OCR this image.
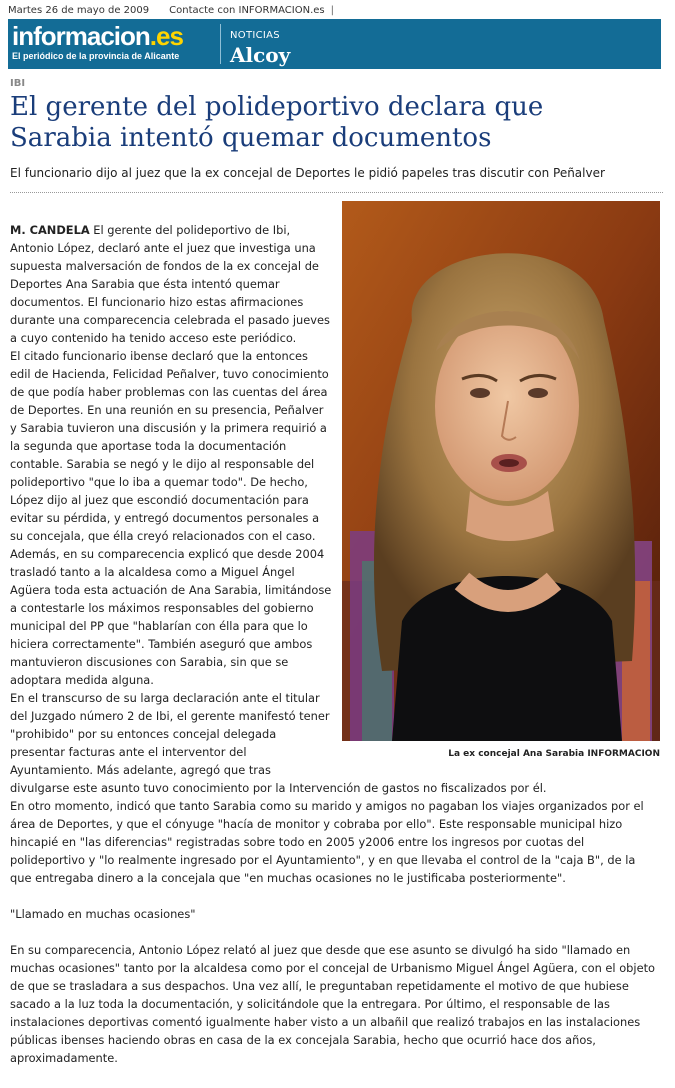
Martes 26 de mayo de 2009 Contacte con INFORMACION.es |
informacion.es
El periódico de la provincia de Alicante
NOTICIAS
Alcoy
IBI
El gerente del polideportivo declara que Sarabia intentó quemar documentos

El funcionario dijo al juez que la ex concejal de Deportes le pidió papeles tras discutir con Peñalver

La ex concejal Ana Sarabia INFORMACION

M. CANDELA El gerente del polideportivo de Ibi, Antonio López, declaró ante el juez que investiga una supuesta malversación de fondos de la ex concejal de Deportes Ana Sarabia que ésta intentó quemar documentos. El funcionario hizo estas afirmaciones durante una comparecencia celebrada el pasado jueves a cuyo contenido ha tenido acceso este periódico.

El citado funcionario ibense declaró que la entonces edil de Hacienda, Felicidad Peñalver, tuvo conocimiento de que podía haber problemas con las cuentas del área de Deportes. En una reunión en su presencia, Peñalver y Sarabia tuvieron una discusión y la primera requirió a la segunda que aportase toda la documentación contable. Sarabia se negó y le dijo al responsable del polideportivo "que lo iba a quemar todo". De hecho, López dijo al juez que escondió documentación para evitar su pérdida, y entregó documentos personales a su concejala, que élla creyó relacionados con el caso.

Además, en su comparecencia explicó que desde 2004 trasladó tanto a la alcaldesa como a Miguel Ángel Agüera toda esta actuación de Ana Sarabia, limitándose a contestarle los máximos responsables del gobierno municipal del PP que "hablarían con élla para que lo hiciera correctamente". También aseguró que ambos mantuvieron discusiones con Sarabia, sin que se adoptara medida alguna.

En el transcurso de su larga declaración ante el titular del Juzgado número 2 de Ibi, el gerente manifestó tener "prohibido" por su entonces concejal delegada presentar facturas ante el interventor del Ayuntamiento. Más adelante, agregó que tras divulgarse este asunto tuvo conocimiento por la Intervención de gastos no fiscalizados por él.

En otro momento, indicó que tanto Sarabia como su marido y amigos no pagaban los viajes organizados por el área de Deportes, y que el cónyuge "hacía de monitor y cobraba por ello". Este responsable municipal hizo hincapié en "las diferencias" registradas sobre todo en 2005 y2006 entre los ingresos por cuotas del polideportivo y "lo realmente ingresado por el Ayuntamiento", y en que llevaba el control de la "caja B", de la que entregaba dinero a la concejala que "en muchas ocasiones no le justificaba posteriormente".

"Llamado en muchas ocasiones"

En su comparecencia, Antonio López relató al juez que desde que ese asunto se divulgó ha sido "llamado en muchas ocasiones" tanto por la alcaldesa como por el concejal de Urbanismo Miguel Ángel Agüera, con el objeto de que se trasladara a sus despachos. Una vez allí, le preguntaban repetidamente el motivo de que hubiese sacado a la luz toda la documentación, y solicitándole que la entregara. Por último, el responsable de las instalaciones deportivas comentó igualmente haber visto a un albañil que realizó trabajos en las instalaciones públicas ibenses haciendo obras en casa de la ex concejala Sarabia, hecho que ocurrió hace dos años, aproximadamente.
